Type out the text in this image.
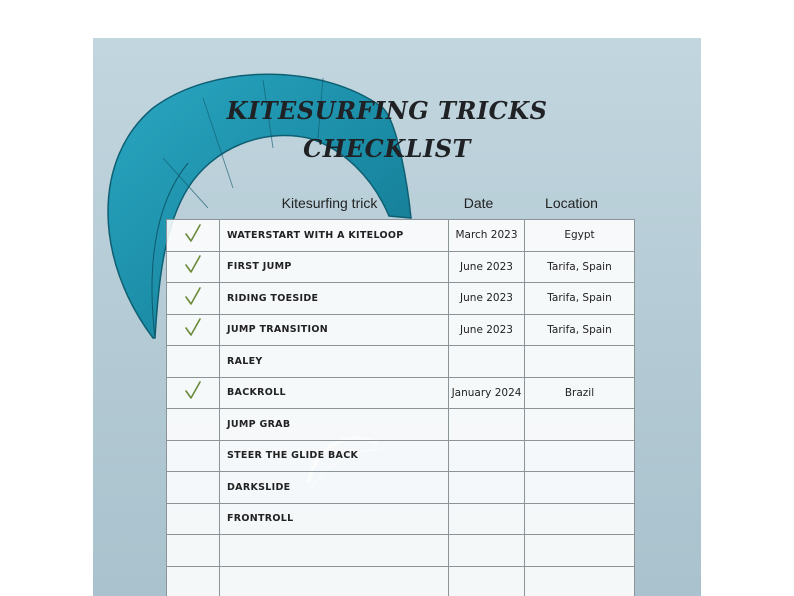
KITESURFING TRICKS
CHECKLIST
Kitesurfing trick	Date	Location
	WATERSTART WITH A KITELOOP	March 2023	Egypt
	FIRST JUMP	June 2023	Tarifa, Spain
	RIDING TOESIDE	June 2023	Tarifa, Spain
	JUMP TRANSITION	June 2023	Tarifa, Spain
	RALEY		
	BACKROLL	January 2024	Brazil
	JUMP GRAB		
	STEER THE GLIDE BACK		
	DARKSLIDE		
	FRONTROLL		
